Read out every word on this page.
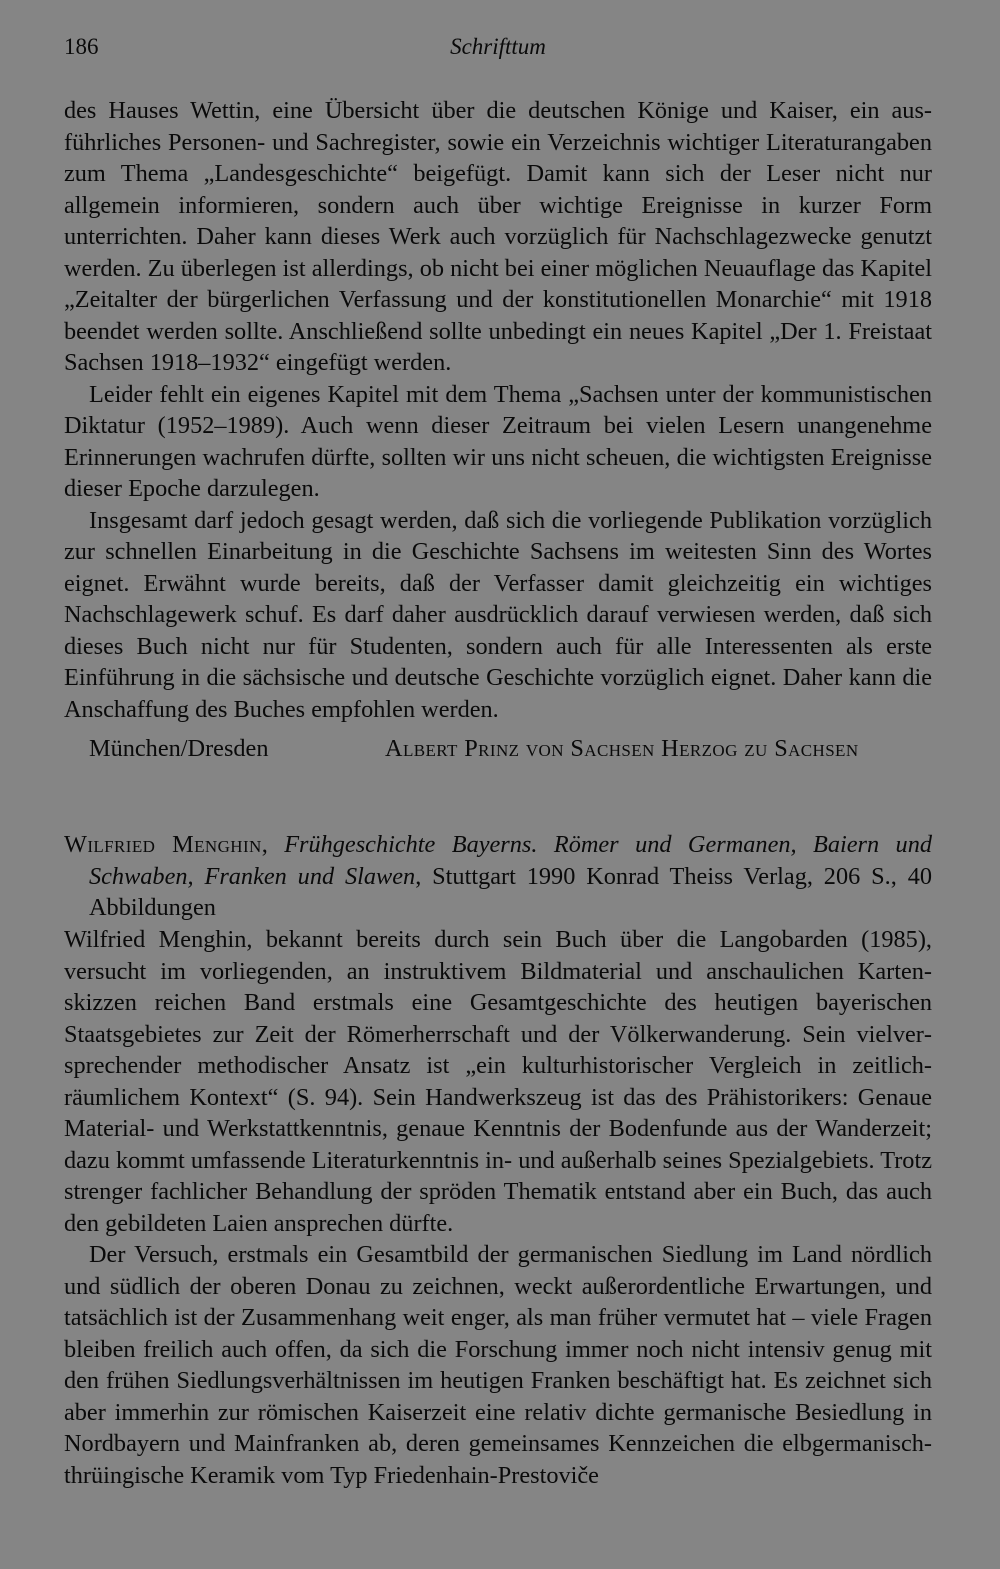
186	Schrifttum

des Hauses Wettin, eine Übersicht über die deutschen Könige und Kaiser, ein ausführliches Personen- und Sachregister, sowie ein Verzeichnis wichtiger Literaturangaben zum Thema „Landesgeschichte“ beigefügt. Damit kann sich der Leser nicht nur allgemein informieren, sondern auch über wichtige Ereignisse in kurzer Form unterrichten. Daher kann dieses Werk auch vorzüglich für Nachschlagezwecke genutzt werden. Zu überlegen ist allerdings, ob nicht bei einer möglichen Neuauflage das Kapitel „Zeitalter der bürgerlichen Verfassung und der konstitutionellen Monarchie“ mit 1918 beendet werden sollte. Anschließend sollte unbedingt ein neues Kapitel „Der 1. Freistaat Sachsen 1918–1932“ eingefügt werden.

Leider fehlt ein eigenes Kapitel mit dem Thema „Sachsen unter der kommunistischen Diktatur (1952–1989). Auch wenn dieser Zeitraum bei vielen Lesern unangenehme Erinnerungen wachrufen dürfte, sollten wir uns nicht scheuen, die wichtigsten Ereignisse dieser Epoche darzulegen.

Insgesamt darf jedoch gesagt werden, daß sich die vorliegende Publikation vorzüglich zur schnellen Einarbeitung in die Geschichte Sachsens im weitesten Sinn des Wortes eignet. Erwähnt wurde bereits, daß der Verfasser damit gleichzeitig ein wichtiges Nachschlagewerk schuf. Es darf daher ausdrücklich darauf verwiesen werden, daß sich dieses Buch nicht nur für Studenten, sondern auch für alle Interessenten als erste Einführung in die sächsische und deutsche Geschichte vorzüglich eignet. Daher kann die Anschaffung des Buches empfohlen werden.

München/Dresden	Albert Prinz von Sachsen Herzog zu Sachsen
Wilfried Menghin, Frühgeschichte Bayerns. Römer und Germanen, Baiern und Schwaben, Franken und Slawen, Stuttgart 1990 Konrad Theiss Verlag, 206 S., 40 Abbildungen

Wilfried Menghin, bekannt bereits durch sein Buch über die Langobarden (1985), versucht im vorliegenden, an instruktivem Bildmaterial und anschaulichen Kartenskizzen reichen Band erstmals eine Gesamtgeschichte des heutigen bayerischen Staatsgebietes zur Zeit der Römerherrschaft und der Völkerwanderung. Sein vielversprechender methodischer Ansatz ist „ein kulturhistorischer Vergleich in zeitlich-räumlichem Kontext“ (S. 94). Sein Handwerkszeug ist das des Prähistorikers: Genaue Material- und Werkstattkenntnis, genaue Kenntnis der Bodenfunde aus der Wanderzeit; dazu kommt umfassende Literaturkenntnis in- und außerhalb seines Spezialgebiets. Trotz strenger fachlicher Behandlung der spröden Thematik entstand aber ein Buch, das auch den gebildeten Laien ansprechen dürfte.

Der Versuch, erstmals ein Gesamtbild der germanischen Siedlung im Land nördlich und südlich der oberen Donau zu zeichnen, weckt außerordentliche Erwartungen, und tatsächlich ist der Zusammenhang weit enger, als man früher vermutet hat – viele Fragen bleiben freilich auch offen, da sich die Forschung immer noch nicht intensiv genug mit den frühen Siedlungsverhältnissen im heutigen Franken beschäftigt hat. Es zeichnet sich aber immerhin zur römischen Kaiserzeit eine relativ dichte germanische Besiedlung in Nordbayern und Mainfranken ab, deren gemeinsames Kennzeichen die elbgermanisch-thrüingische Keramik vom Typ Friedenhain-Prestoviče
